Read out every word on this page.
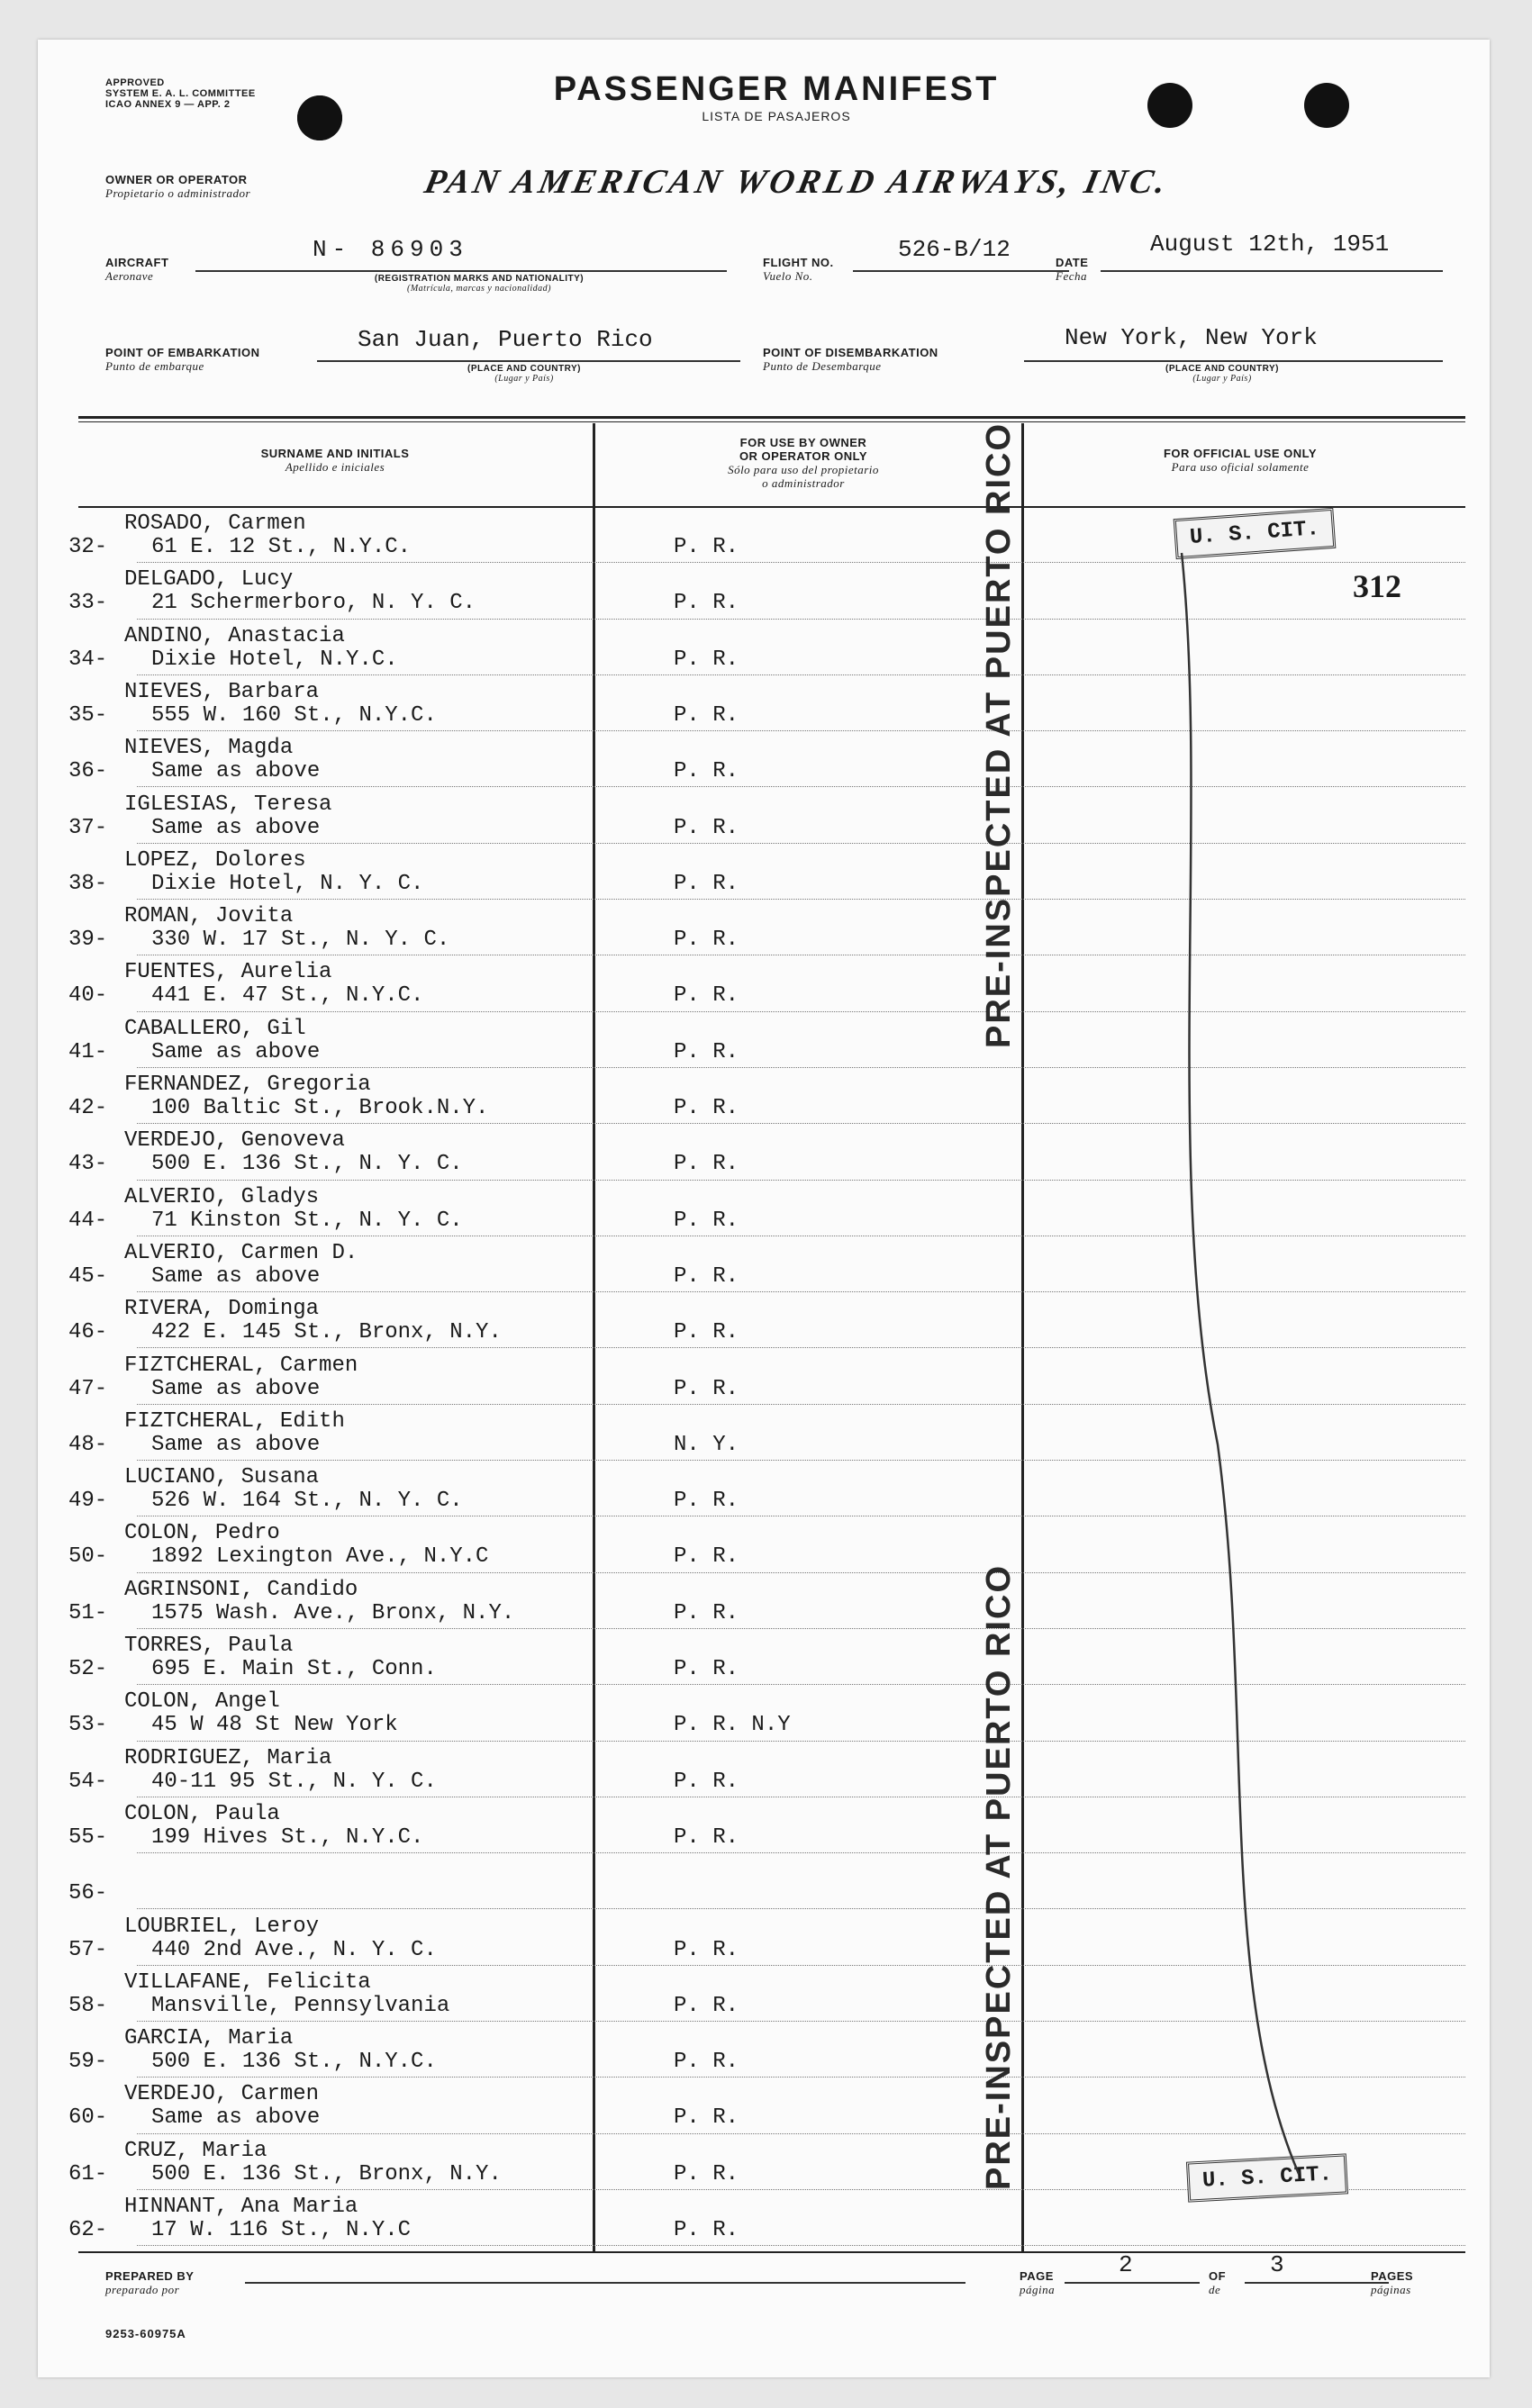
APPROVED
SYSTEM E. A. L. COMMITTEE
ICAO ANNEX 9 — APP. 2	PASSENGER MANIFEST
LISTA DE PASAJEROS
OWNER OR OPERATOR
Propietario o administrador	PAN AMERICAN WORLD AIRWAYS, INC.
AIRCRAFT
Aeronave
N- 86903
(REGISTRATION MARKS AND NATIONALITY)
(Matrícula, marcas y nacionalidad)
FLIGHT NO.
Vuelo No.
526-B/12	DATE
Fecha
August 12th, 1951
POINT OF EMBARKATION
Punto de embarque
San Juan, Puerto Rico
(PLACE AND COUNTRY)
(Lugar y País)
POINT OF DISEMBARKATION
Punto de Desembarque
New York, New York
(PLACE AND COUNTRY)
(Lugar y País)
SURNAME AND INITIALS
Apellido e iniciales
FOR USE BY OWNER
OR OPERATOR ONLY
Sólo para uso del propietario
o administrador
FOR OFFICIAL USE ONLY
Para uso oficial solamente
ROSADO, Carmen
32- 61 E. 12 St., N.Y.C.	P. R.
DELGADO, Lucy
33- 21 Schermerboro, N. Y. C.	P. R.
ANDINO, Anastacia
34- Dixie Hotel, N.Y.C.	P. R.
NIEVES, Barbara
35- 555 W. 160 St., N.Y.C.	P. R.
NIEVES, Magda
36- Same as above	P. R.
IGLESIAS, Teresa
37- Same as above	P. R.
LOPEZ, Dolores
38- Dixie Hotel, N. Y. C.	P. R.
ROMAN, Jovita
39- 330 W. 17 St., N. Y. C.	P. R.
FUENTES, Aurelia
40- 441 E. 47 St., N.Y.C.	P. R.
CABALLERO, Gil
41- Same as above	P. R.
FERNANDEZ, Gregoria
42- 100 Baltic St., Brook.N.Y.	P. R.
VERDEJO, Genoveva
43- 500 E. 136 St., N. Y. C.	P. R.
ALVERIO, Gladys
44- 71 Kinston St., N. Y. C.	P. R.
ALVERIO, Carmen D.
45- Same as above	P. R.
RIVERA, Dominga
46- 422 E. 145 St., Bronx, N.Y.	P. R.
FIZTCHERAL, Carmen
47- Same as above	P. R.
FIZTCHERAL, Edith
48- Same as above	N. Y.
LUCIANO, Susana
49- 526 W. 164 St., N. Y. C.	P. R.
COLON, Pedro
50- 1892 Lexington Ave., N.Y.C	P. R.
AGRINSONI, Candido
51- 1575 Wash. Ave., Bronx, N.Y.	P. R.
TORRES, Paula
52- 695 E. Main St., Conn.	P. R.
COLON, Angel
53- 45 W 48 St New York	P. R. N.Y
RODRIGUEZ, Maria
54- 40-11 95 St., N. Y. C.	P. R.
COLON, Paula
55- 199 Hives St., N.Y.C.	P. R.
56-
LOUBRIEL, Leroy
57- 440 2nd Ave., N. Y. C.	P. R.
VILLAFANE, Felicita
58- Mansville, Pennsylvania	P. R.
GARCIA, Maria
59- 500 E. 136 St., N.Y.C.	P. R.
VERDEJO, Carmen
60- Same as above	P. R.
CRUZ, Maria
61- 500 E. 136 St., Bronx, N.Y.	P. R.
HINNANT, Ana Maria
62- 17 W. 116 St., N.Y.C	P. R.
PRE-INSPECTED AT PUERTO RICO
PRE-INSPECTED AT PUERTO RICO
U. S. CIT.
U. S. CIT.
312
PREPARED BY
preparado por
PAGE
página
2	OF
de
3	PAGES
páginas
9253-60975A
